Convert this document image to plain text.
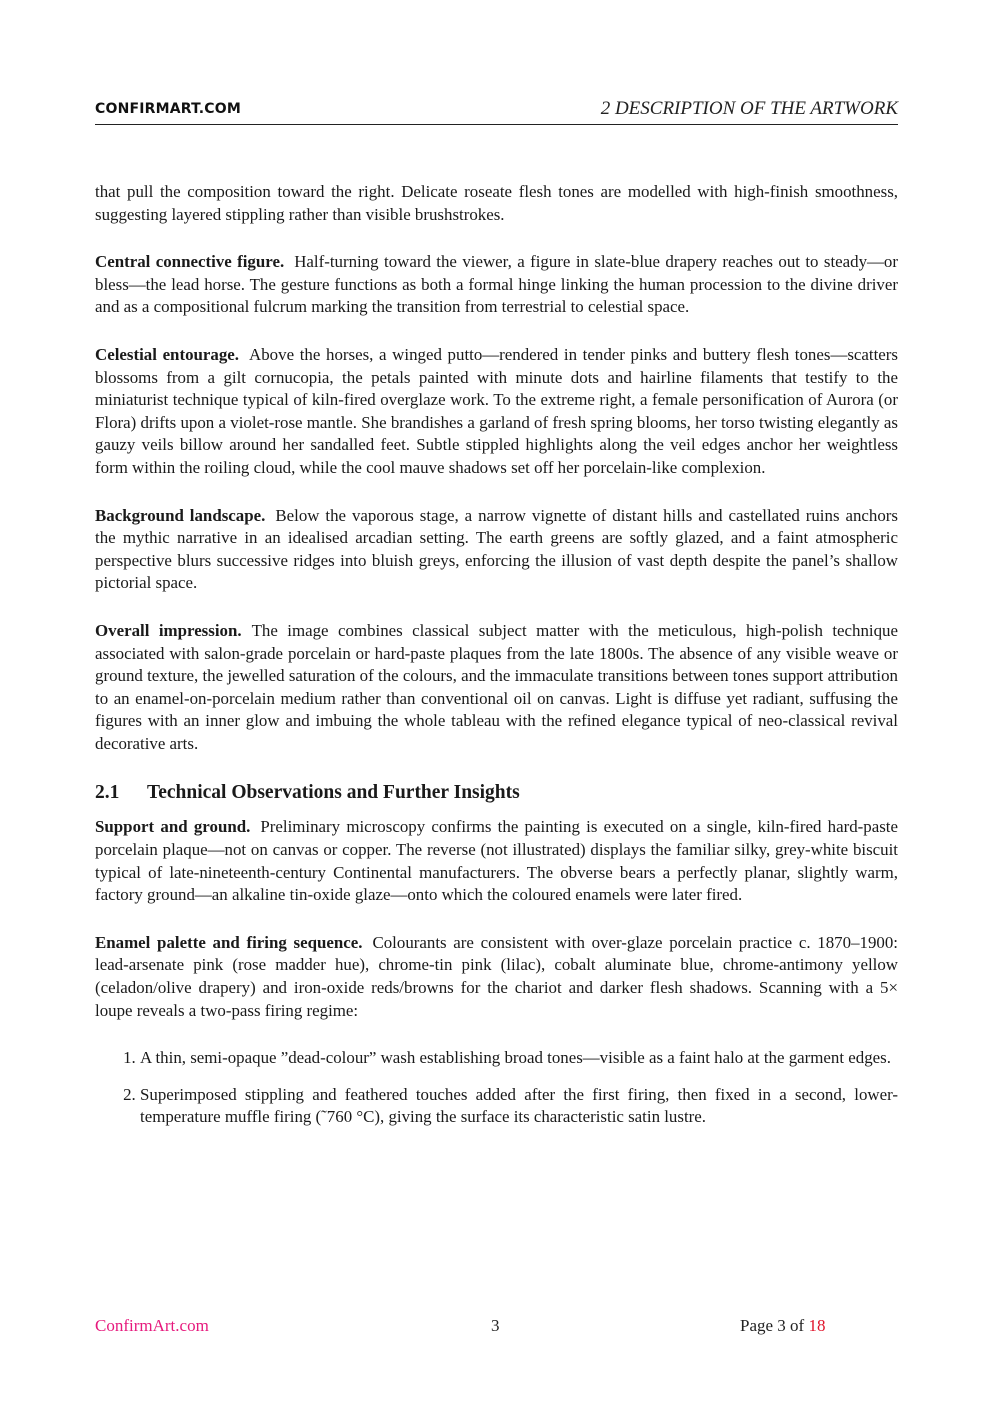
CONFIRMART.COM	2 DESCRIPTION OF THE ARTWORK

that pull the composition toward the right. Delicate roseate flesh tones are modelled with high-finish smoothness, suggesting layered stippling rather than visible brushstrokes.

Central connective figure. Half-turning toward the viewer, a figure in slate-blue drapery reaches out to steady—or bless—the lead horse. The gesture functions as both a formal hinge linking the human procession to the divine driver and as a compositional fulcrum marking the transition from terrestrial to celestial space.

Celestial entourage. Above the horses, a winged putto—rendered in tender pinks and buttery flesh tones—scatters blossoms from a gilt cornucopia, the petals painted with minute dots and hairline filaments that testify to the miniaturist technique typical of kiln-fired overglaze work. To the extreme right, a female personification of Aurora (or Flora) drifts upon a violet-rose mantle. She brandishes a garland of fresh spring blooms, her torso twisting elegantly as gauzy veils billow around her sandalled feet. Subtle stippled highlights along the veil edges anchor her weightless form within the roiling cloud, while the cool mauve shadows set off her porcelain-like complexion.

Background landscape. Below the vaporous stage, a narrow vignette of distant hills and castellated ruins anchors the mythic narrative in an idealised arcadian setting. The earth greens are softly glazed, and a faint atmospheric perspective blurs successive ridges into bluish greys, enforcing the illusion of vast depth despite the panel’s shallow pictorial space.

Overall impression. The image combines classical subject matter with the meticulous, high-polish technique associated with salon-grade porcelain or hard-paste plaques from the late 1800s. The absence of any visible weave or ground texture, the jewelled saturation of the colours, and the immaculate transitions between tones support attribution to an enamel-on-porcelain medium rather than conventional oil on canvas. Light is diffuse yet radiant, suffusing the figures with an inner glow and imbuing the whole tableau with the refined elegance typical of neo-classical revival decorative arts.

2.1 Technical Observations and Further Insights

Support and ground. Preliminary microscopy confirms the painting is executed on a single, kiln-fired hard-paste porcelain plaque—not on canvas or copper. The reverse (not illustrated) displays the familiar silky, grey-white biscuit typical of late-nineteenth-century Continental manufacturers. The obverse bears a perfectly planar, slightly warm, factory ground—an alkaline tin-oxide glaze—onto which the coloured enamels were later fired.

Enamel palette and firing sequence. Colourants are consistent with over-glaze porcelain practice c. 1870–1900: lead-arsenate pink (rose madder hue), chrome-tin pink (lilac), cobalt aluminate blue, chrome-antimony yellow (celadon/olive drapery) and iron-oxide reds/browns for the chariot and darker flesh shadows. Scanning with a 5× loupe reveals a two-pass firing regime:

1. A thin, semi-opaque ”dead-colour” wash establishing broad tones—visible as a faint halo at the garment edges.
2. Superimposed stippling and feathered touches added after the first firing, then fixed in a second, lower-temperature muffle firing (˜760 °C), giving the surface its characteristic satin lustre.
ConfirmArt.com	3	Page 3 of 18
